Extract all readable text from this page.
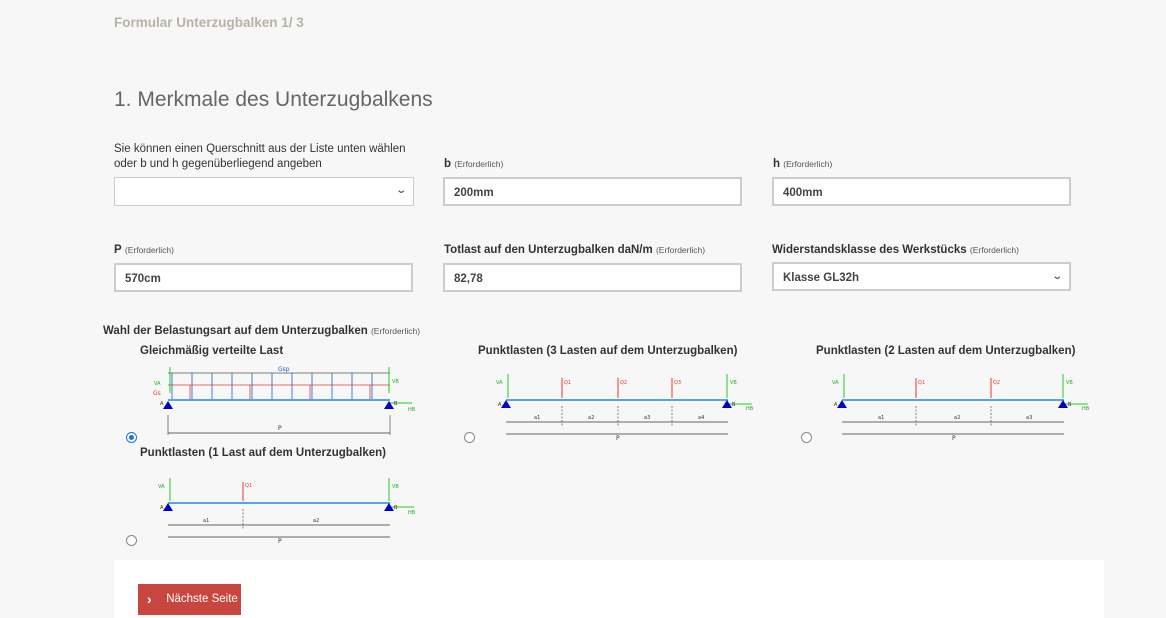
Formular Unterzugbalken 1/ 3
1. Merkmale des Unterzugbalkens
Sie können einen Querschnitt aus der Liste unten wählen
oder b und h gegenüberliegend angeben
⌄
b (Erforderlich)
200mm
h (Erforderlich)
400mm
P (Erforderlich)
570cm
Totlast auf den Unterzugbalken daN/m (Erforderlich)
82,78
Widerstandsklasse des Werkstücks (Erforderlich)
Klasse GL32h	⌄
Wahl der Belastungsart auf dem Unterzugbalken (Erforderlich)
Gleichmäßig verteilte Last	Punktlasten (3 Lasten auf dem Unterzugbalken)	Punktlasten (2 Lasten auf dem Unterzugbalken)
Punktlasten (1 Last auf dem Unterzugbalken)
Gsp
Gs
VA	VB
HB
A	B
P
VA	VB
HB
Q1	Q2	Q3
A	B
a1	a2	a3	a4
P
VA	VB
HB
Q1	Q2
A	B
a1	a2	a3
P
VA	VB
HB
Q1
A	B
a1	a2
P
› Nächste Seite
